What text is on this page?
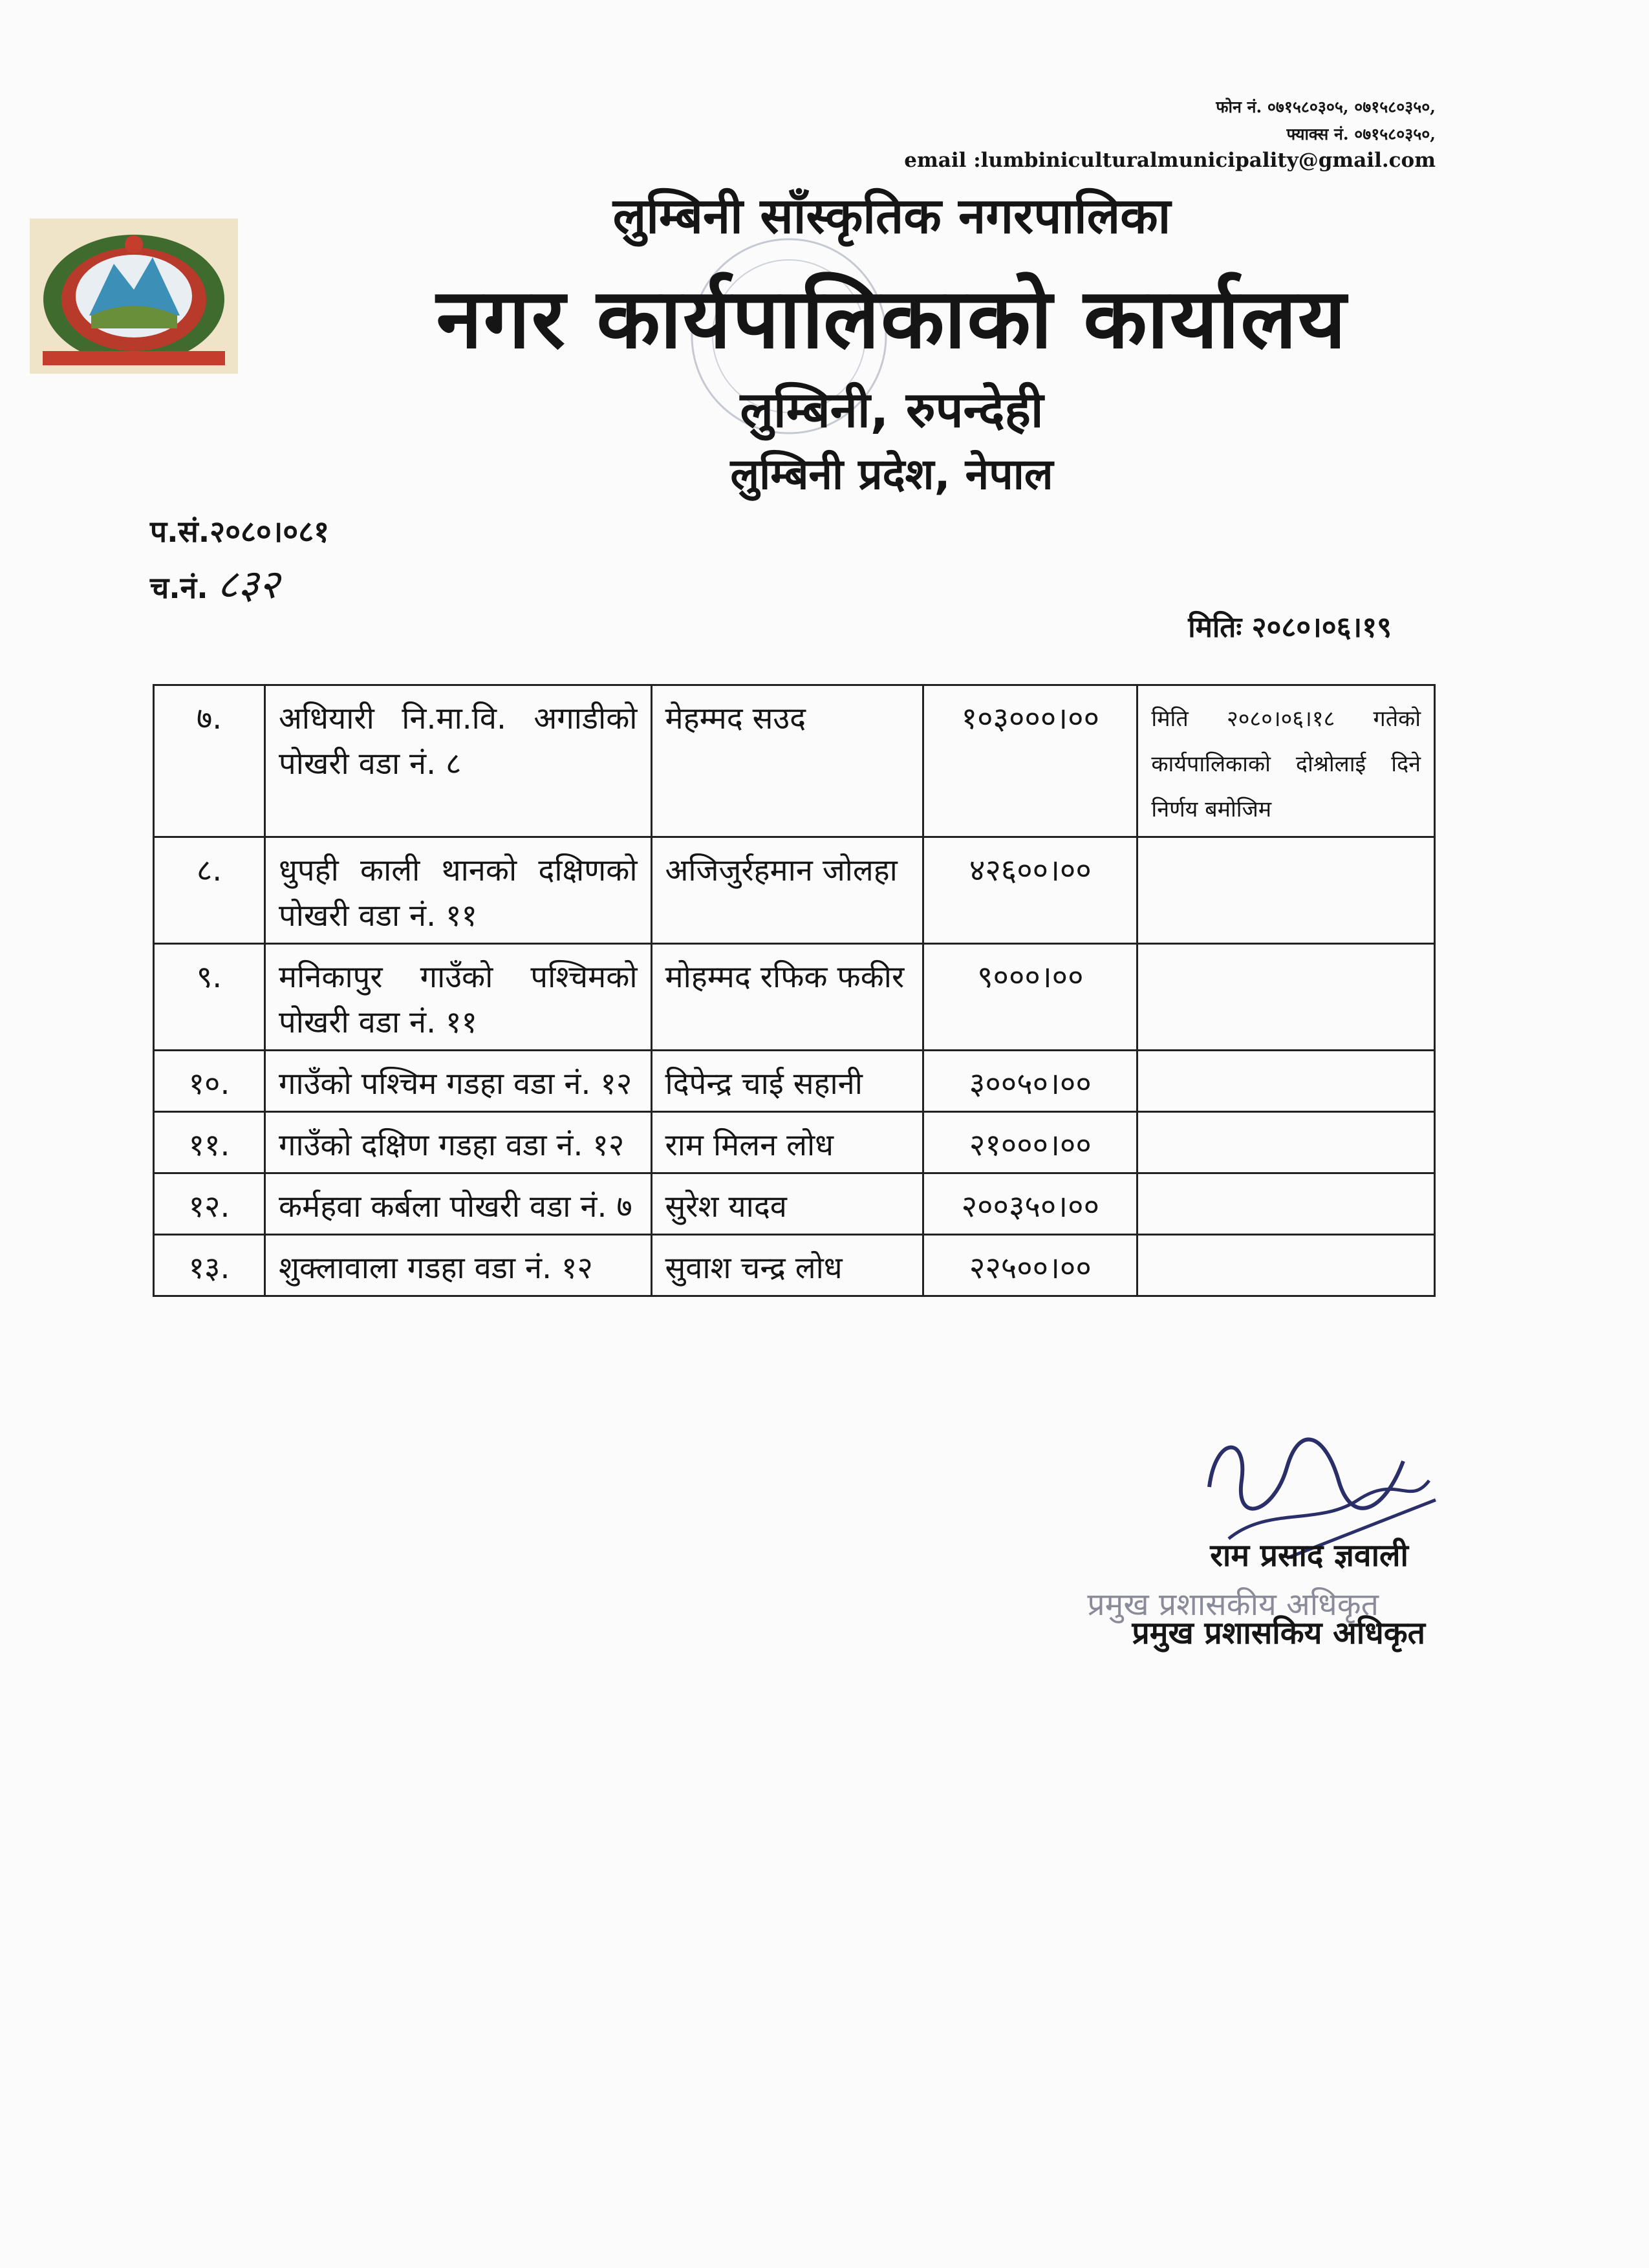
फोन नं. ०७१५८०३०५, ०७१५८०३५०,
फ्याक्स नं. ०७१५८०३५०,
email :lumbiniculturalmunicipality@gmail.com
लुम्बिनी साँस्कृतिक नगरपालिका
नगर कार्यपालिकाको कार्यालय
लुम्बिनी, रुपन्देही
लुम्बिनी प्रदेश, नेपाल
प.सं.२०८०।०८१
च.नं. ८३२
मितिः २०८०।०६।१९
७.	अधियारी नि.मा.वि. अगाडीको पोखरी वडा नं. ८	मेहम्मद सउद	१०३०००।००	मिति २०८०।०६।१८ गतेको कार्यपालिकाको दोश्रोलाई दिने निर्णय बमोजिम
८.	धुपही काली थानको दक्षिणको पोखरी वडा नं. ११	अजिजुर्रहमान जोलहा	४२६००।००	
९.	मनिकापुर गाउँको पश्चिमको पोखरी वडा नं. ११	मोहम्मद रफिक फकीर	९०००।००	
१०.	गाउँको पश्चिम गडहा वडा नं. १२	दिपेन्द्र चाई सहानी	३००५०।००	
११.	गाउँको दक्षिण गडहा वडा नं. १२	राम मिलन लोध	२१०००।००	
१२.	कर्महवा कर्बला पोखरी वडा नं. ७	सुरेश यादव	२००३५०।००	
१३.	शुक्लावाला गडहा वडा नं. १२	सुवाश चन्द्र लोध	२२५००।००	
राम प्रसाद ज्ञवाली
प्रमुख प्रशासकीय अधिकृत
प्रमुख प्रशासकिय अधिकृत
